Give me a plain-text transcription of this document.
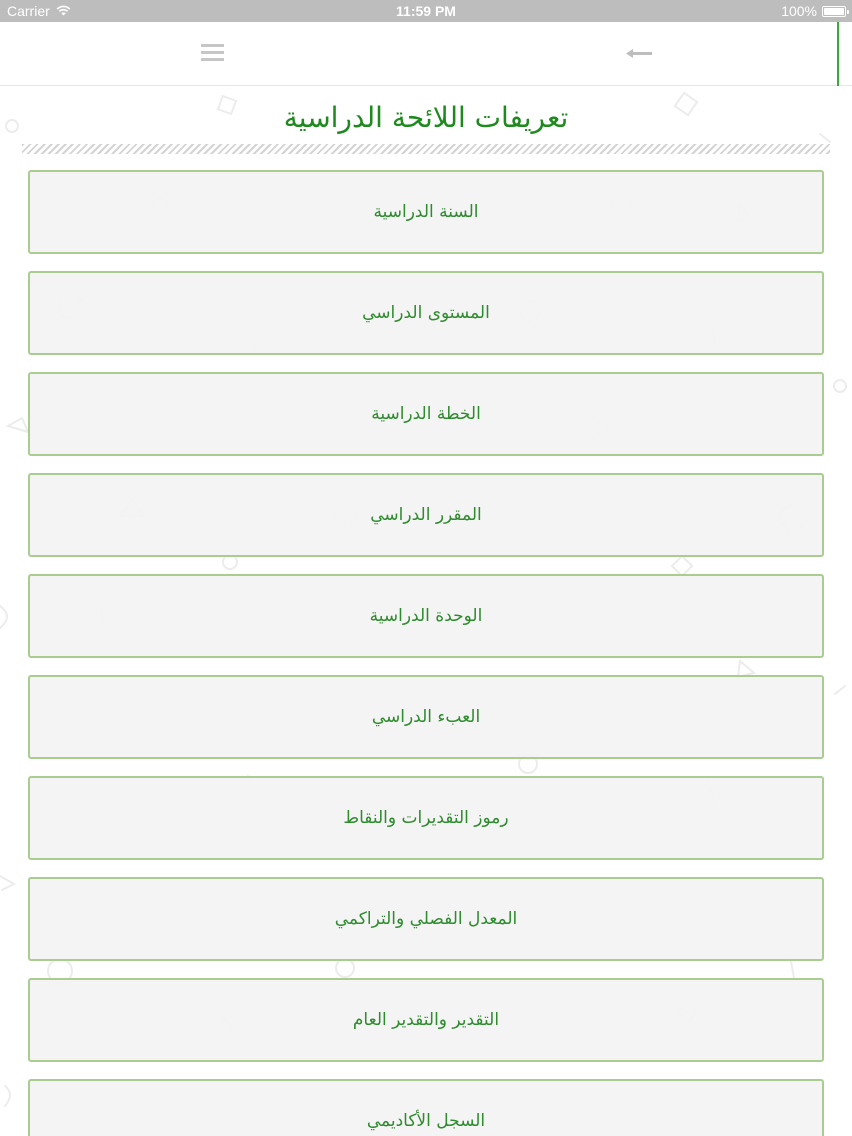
Carrier	11:59 PM	100%
تعريفات اللائحة الدراسية
السنة الدراسية
المستوى الدراسي
الخطة الدراسية
المقرر الدراسي
الوحدة الدراسية
العبء الدراسي
رموز التقديرات والنقاط
المعدل الفصلي والتراكمي
التقدير والتقدير العام
السجل الأكاديمي
